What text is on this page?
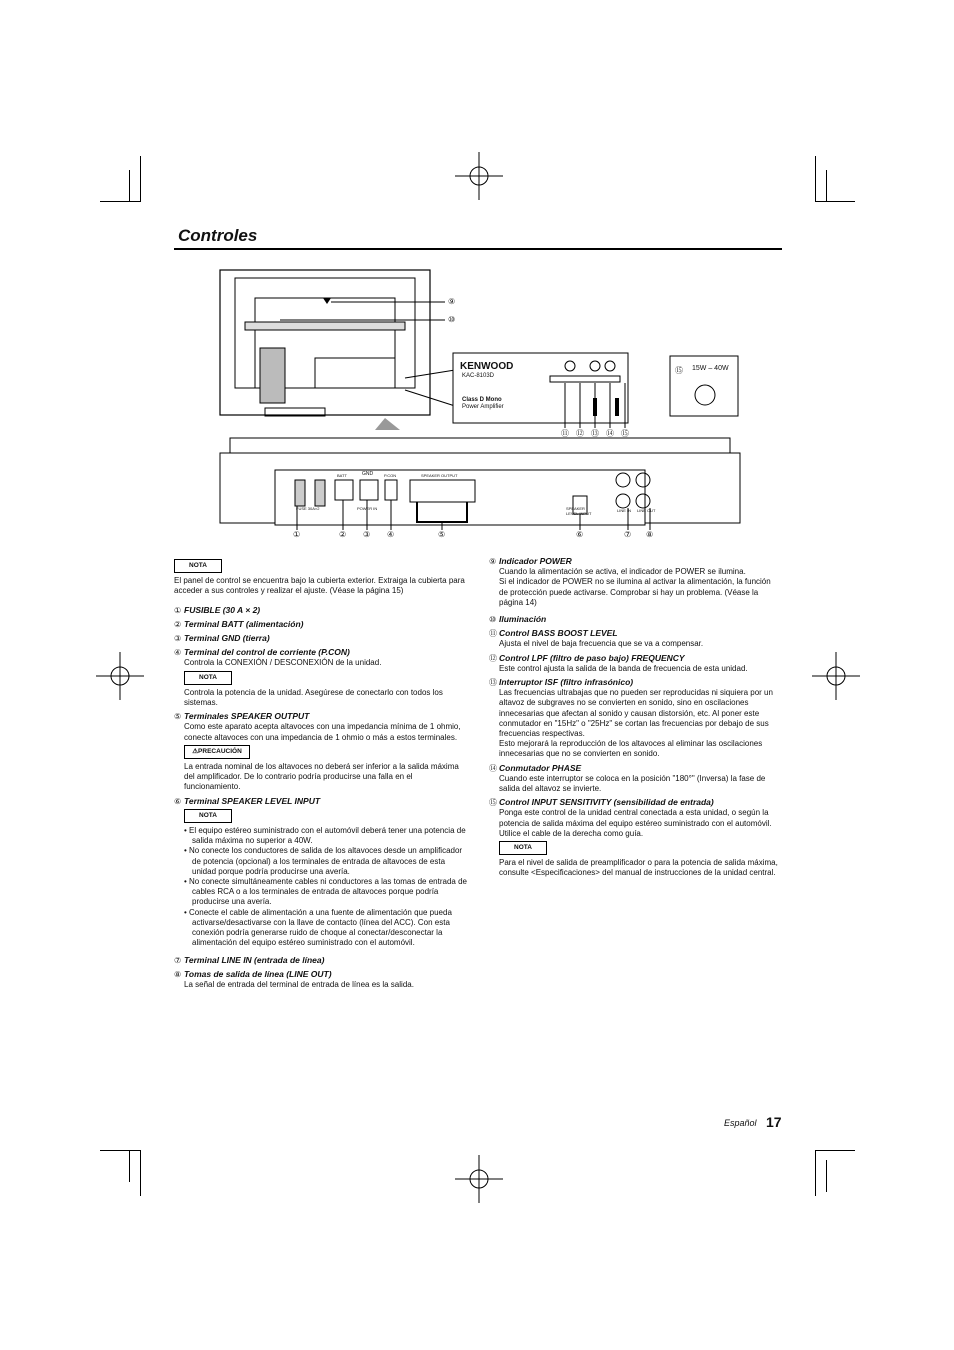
Controles
⑨
⑩
KENWOOD
KAC-8103D
Class D Mono
Power Amplifier
⑪ ⑫ ⑬ ⑭ ⑮
⑮ 15W – 40W
FUSE 30A×2
BATT	GND	P.CON
POWER IN
SPEAKER OUTPUT
SPEAKER LEVEL INPUT
LINE IN LINE OUT
①	② ③ ④	⑤	⑥	⑦ ⑧
NOTA

El panel de control se encuentra bajo la cubierta exterior. Extraiga la cubierta para acceder a sus controles y realizar el ajuste. (Véase la página 15)

① FUSIBLE (30 A × 2)
② Terminal BATT (alimentación)
③ Terminal GND (tierra)
④ Terminal del control de corriente (P.CON)
Controla la CONEXIÓN / DESCONEXIÓN de la unidad.
NOTA
Controla la potencia de la unidad. Asegúrese de conectarlo con todos los sistemas.
⑤ Terminales SPEAKER OUTPUT
Como este aparato acepta altavoces con una impedancia mínima de 1 ohmio, conecte altavoces con una impedancia de 1 ohmio o más a estos terminales.
⚠PRECAUCIÓN
La entrada nominal de los altavoces no deberá ser inferior a la salida máxima del amplificador. De lo contrario podría producirse una falla en el funcionamiento.
⑥ Terminal SPEAKER LEVEL INPUT
NOTA
• El equipo estéreo suministrado con el automóvil deberá tener una potencia de salida máxima no superior a 40W.
• No conecte los conductores de salida de los altavoces desde un amplificador de potencia (opcional) a los terminales de entrada de altavoces de esta unidad porque podría producirse una avería.
• No conecte simultáneamente cables ni conductores a las tomas de entrada de cables RCA o a los terminales de entrada de altavoces porque podría producirse una avería.
• Conecte el cable de alimentación a una fuente de alimentación que pueda activarse/desactivarse con la llave de contacto (línea del ACC). Con esta conexión podría generarse ruido de choque al conectar/desconectar la alimentación del equipo estéreo suministrado con el automóvil.
⑦ Terminal LINE IN (entrada de línea)
⑧ Tomas de salida de línea (LINE OUT)
La señal de entrada del terminal de entrada de línea es la salida.
⑨ Indicador POWER
Cuando la alimentación se activa, el indicador de POWER se ilumina.
Si el indicador de POWER no se ilumina al activar la alimentación, la función de protección puede activarse. Comprobar si hay un problema. (Véase la página 14)
⑩ Iluminación
⑪ Control BASS BOOST LEVEL
Ajusta el nivel de baja frecuencia que se va a compensar.
⑫ Control LPF (filtro de paso bajo) FREQUENCY
Este control ajusta la salida de la banda de frecuencia de esta unidad.
⑬ Interruptor ISF (filtro infrasónico)
Las frecuencias ultrabajas que no pueden ser reproducidas ni siquiera por un altavoz de subgraves no se convierten en sonido, sino en oscilaciones innecesarias que afectan al sonido y causan distorsión, etc. Al poner este conmutador en "15Hz" o "25Hz" se cortan las frecuencias por debajo de sus frecuencias respectivas.
Esto mejorará la reproducción de los altavoces al eliminar las oscilaciones innecesarias que no se convierten en sonido.
⑭ Conmutador PHASE
Cuando este interruptor se coloca en la posición "180°" (Inversa) la fase de salida del altavoz se invierte.
⑮ Control INPUT SENSITIVITY (sensibilidad de entrada)
Ponga este control de la unidad central conectada a esta unidad, o según la potencia de salida máxima del equipo estéreo suministrado con el automóvil. Utilice el cable de la derecha como guía.
NOTA
Para el nivel de salida de preamplificador o para la potencia de salida máxima, consulte <Especificaciones> del manual de instrucciones de la unidad central.
Español 17
